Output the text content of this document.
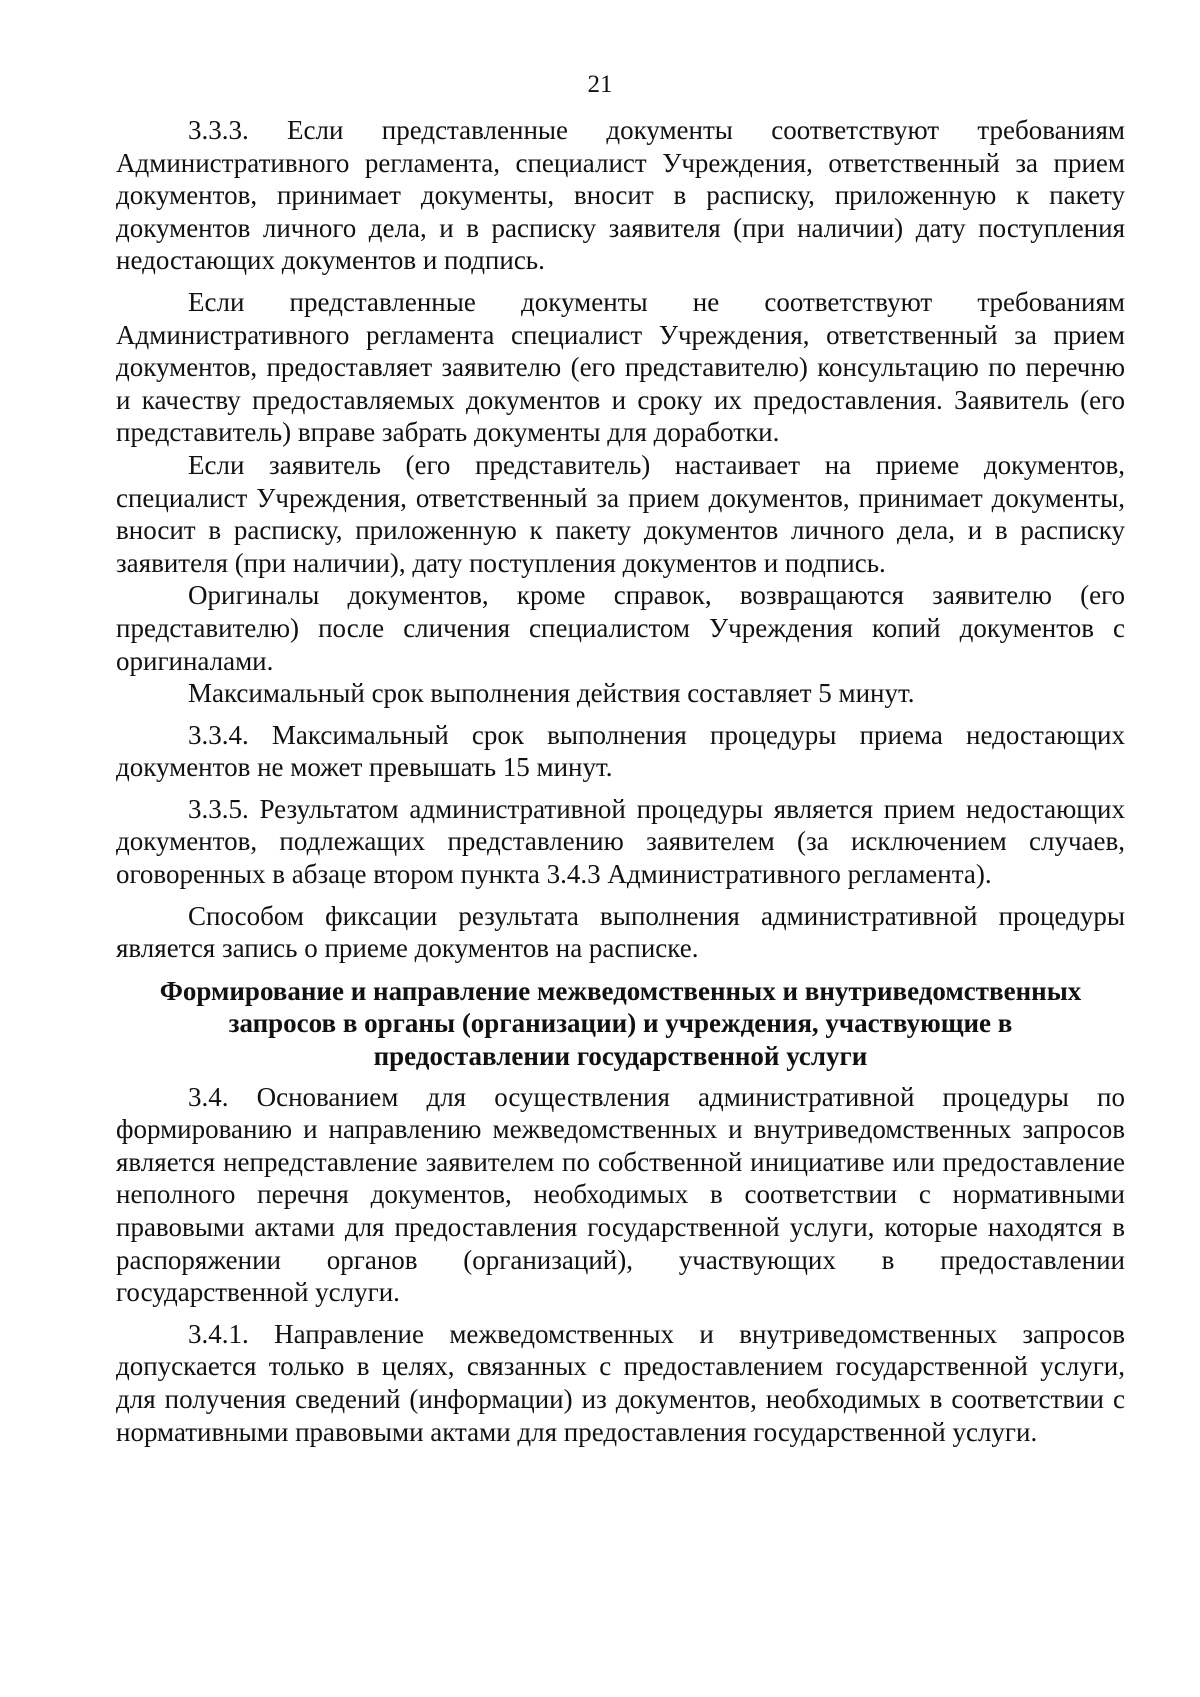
21

3.3.3. Если представленные документы соответствуют требованиям Административного регламента, специалист Учреждения, ответственный за прием документов, принимает документы, вносит в расписку, приложенную к пакету документов личного дела, и в расписку заявителя (при наличии) дату поступления недостающих документов и подпись.

Если представленные документы не соответствуют требованиям Административного регламента специалист Учреждения, ответственный за прием документов, предоставляет заявителю (его представителю) консультацию по перечню и качеству предоставляемых документов и сроку их предоставления. Заявитель (его представитель) вправе забрать документы для доработки.

Если заявитель (его представитель) настаивает на приеме документов, специалист Учреждения, ответственный за прием документов, принимает документы, вносит в расписку, приложенную к пакету документов личного дела, и в расписку заявителя (при наличии), дату поступления документов и подпись.

Оригиналы документов, кроме справок, возвращаются заявителю (его представителю) после сличения специалистом Учреждения копий документов с оригиналами.

Максимальный срок выполнения действия составляет 5 минут.

3.3.4. Максимальный срок выполнения процедуры приема недостающих документов не может превышать 15 минут.

3.3.5. Результатом административной процедуры является прием недостающих документов, подлежащих представлению заявителем (за исключением случаев, оговоренных в абзаце втором пункта 3.4.3 Административного регламента).

Способом фиксации результата выполнения административной процедуры является запись о приеме документов на расписке.

Формирование и направление межведомственных и внутриведомственных
запросов в органы (организации) и учреждения, участвующие в
предоставлении государственной услуги

3.4. Основанием для осуществления административной процедуры по формированию и направлению межведомственных и внутриведомственных запросов является непредставление заявителем по собственной инициативе или предоставление неполного перечня документов, необходимых в соответствии с нормативными правовыми актами для предоставления государственной услуги, которые находятся в распоряжении органов (организаций), участвующих в предоставлении государственной услуги.

3.4.1. Направление межведомственных и внутриведомственных запросов допускается только в целях, связанных с предоставлением государственной услуги, для получения сведений (информации) из документов, необходимых в соответствии с нормативными правовыми актами для предоставления государственной услуги.
